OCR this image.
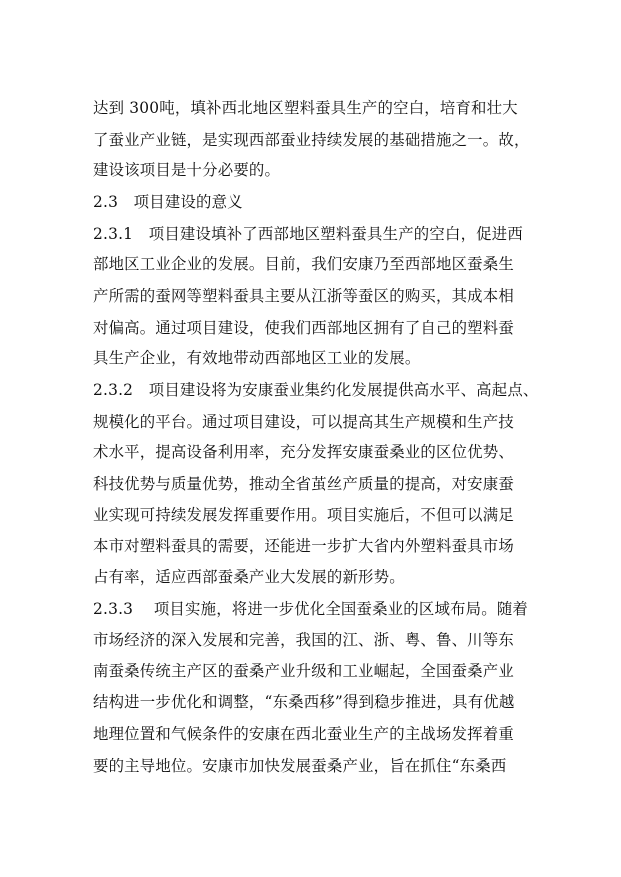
达到 300吨，填补西北地区塑料蚕具生产的空白，培育和壮大
了蚕业产业链，是实现西部蚕业持续发展的基础措施之一。故，
建设该项目是十分必要的。
2.3　项目建设的意义
2.3.1　项目建设填补了西部地区塑料蚕具生产的空白，促进西
部地区工业企业的发展。目前，我们安康乃至西部地区蚕桑生
产所需的蚕网等塑料蚕具主要从江浙等蚕区的购买，其成本相
对偏高。通过项目建设，使我们西部地区拥有了自己的塑料蚕
具生产企业，有效地带动西部地区工业的发展。
2.3.2　项目建设将为安康蚕业集约化发展提供高水平、高起点、
规模化的平台。通过项目建设，可以提高其生产规模和生产技
术水平，提高设备利用率，充分发挥安康蚕桑业的区位优势、
科技优势与质量优势，推动全省茧丝产质量的提高，对安康蚕
业实现可持续发展发挥重要作用。项目实施后，不但可以满足
本市对塑料蚕具的需要，还能进一步扩大省内外塑料蚕具市场
占有率，适应西部蚕桑产业大发展的新形势。
2.3.3　 项目实施，将进一步优化全国蚕桑业的区域布局。随着
市场经济的深入发展和完善，我国的江、浙、粤、鲁、川等东
南蚕桑传统主产区的蚕桑产业升级和工业崛起，全国蚕桑产业
结构进一步优化和调整，“东桑西移”得到稳步推进，具有优越
地理位置和气候条件的安康在西北蚕业生产的主战场发挥着重
要的主导地位。安康市加快发展蚕桑产业，旨在抓住“东桑西
